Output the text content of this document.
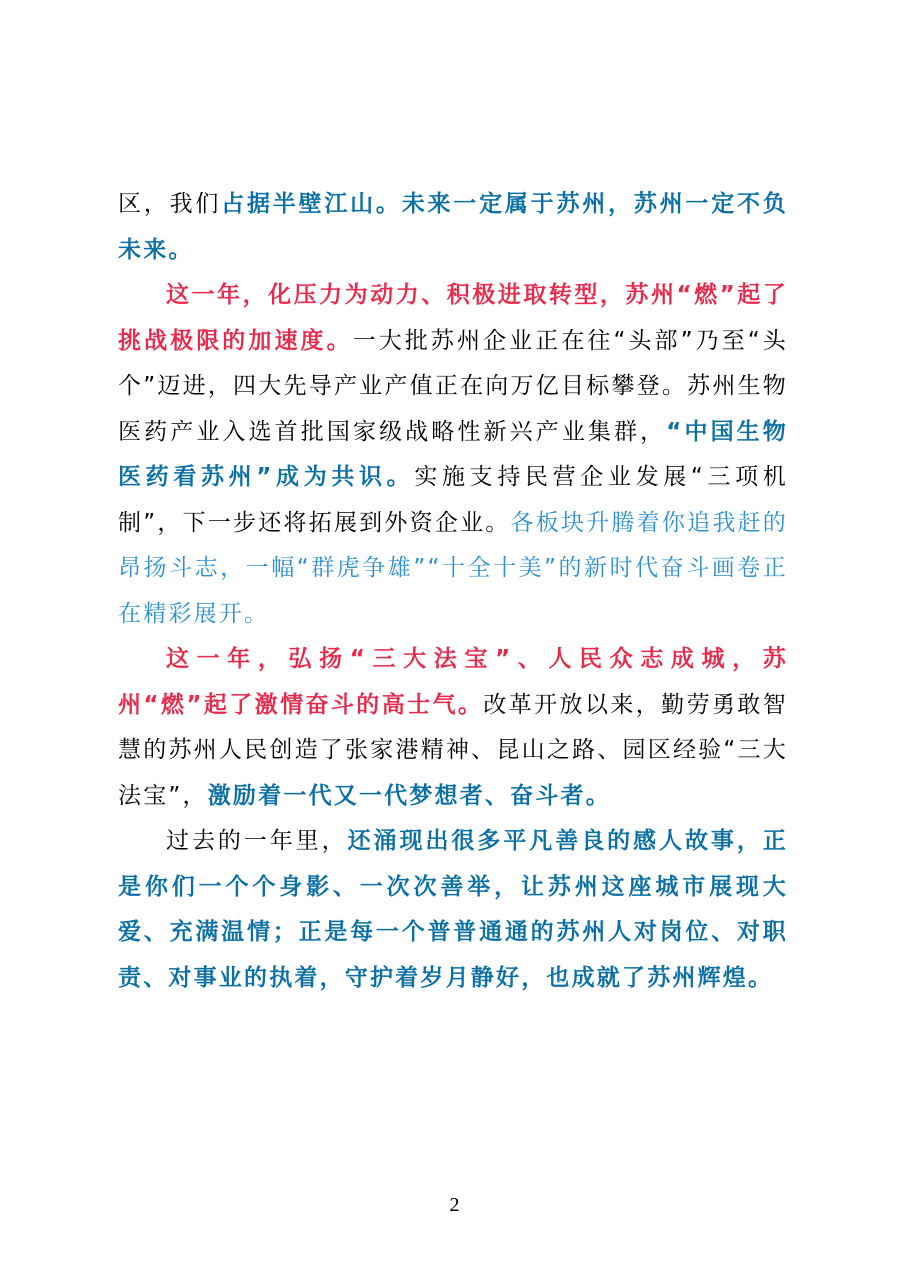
区，我们占据半壁江山。未来一定属于苏州，苏州一定不负未来。

这一年，化压力为动力、积极进取转型，苏州“燃”起了挑战极限的加速度。一大批苏州企业正在往“头部”乃至“头个”迈进，四大先导产业产值正在向万亿目标攀登。苏州生物医药产业入选首批国家级战略性新兴产业集群，“中国生物医药看苏州”成为共识。实施支持民营企业发展“三项机制”，下一步还将拓展到外资企业。各板块升腾着你追我赶的昂扬斗志，一幅“群虎争雄”“十全十美”的新时代奋斗画卷正在精彩展开。

这一年，弘扬“三大法宝”、人民众志成城，苏州“燃”起了激情奋斗的高士气。改革开放以来，勤劳勇敢智慧的苏州人民创造了张家港精神、昆山之路、园区经验“三大法宝”，激励着一代又一代梦想者、奋斗者。

过去的一年里，还涌现出很多平凡善良的感人故事，正是你们一个个身影、一次次善举，让苏州这座城市展现大爱、充满温情；正是每一个普普通通的苏州人对岗位、对职责、对事业的执着，守护着岁月静好，也成就了苏州辉煌。

2
